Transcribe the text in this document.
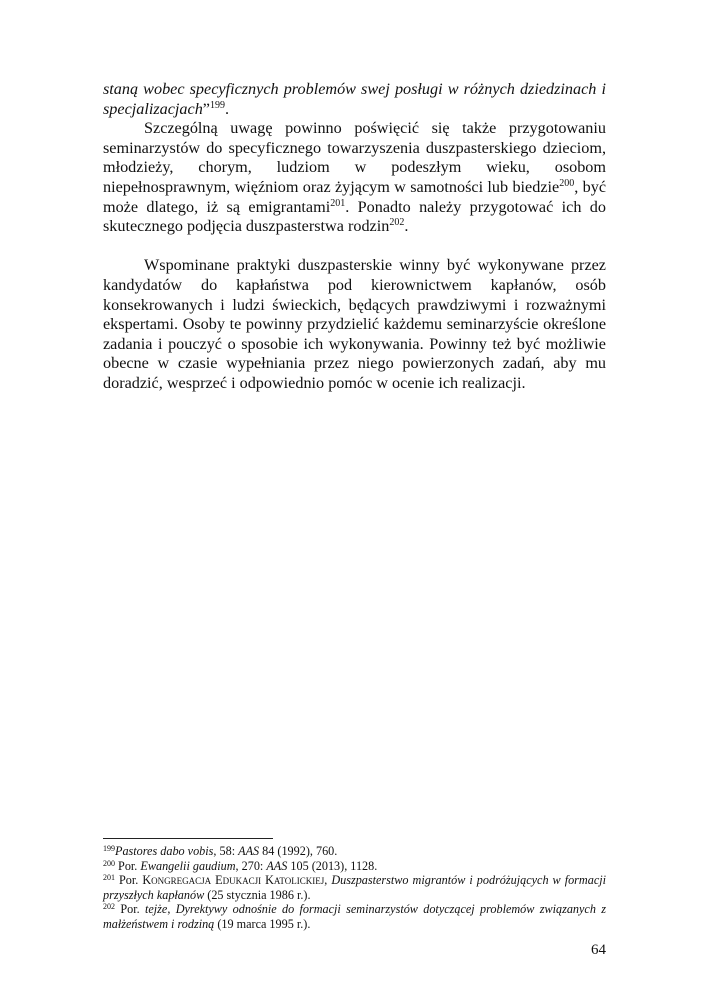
staną wobec specyficznych problemów swej posługi w różnych dziedzinach i specjalizacjach”$^{199}$.

Szczególną uwagę powinno poświęcić się także przygotowaniu seminarzystów do specyficznego towarzyszenia duszpasterskiego dzieciom, młodzieży, chorym, ludziom w podeszłym wieku, osobom niepełnosprawnym, więźniom oraz żyjącym w samotności lub biedzie$^{200}$, być może dlatego, iż są emigrantami$^{201}$. Ponadto należy przygotować ich do skutecznego podjęcia duszpasterstwa rodzin$^{202}$.

Wspominane praktyki duszpasterskie winny być wykonywane przez kandydatów do kapłaństwa pod kierownictwem kapłanów, osób konsekrowanych i ludzi świeckich, będących prawdziwymi i rozważnymi ekspertami. Osoby te powinny przydzielić każdemu seminarzyście określone zadania i pouczyć o sposobie ich wykonywania. Powinny też być możliwie obecne w czasie wypełniania przez niego powierzonych zadań, aby mu doradzić, wesprzeć i odpowiednio pomóc w ocenie ich realizacji.

$^{199}$Pastores dabo vobis, 58: AAS 84 (1992), 760.

$^{200}$ Por. Ewangelii gaudium, 270: AAS 105 (2013), 1128.

$^{201}$ Por. Kongregacja Edukacji Katolickiej, Duszpasterstwo migrantów i podróżujących w formacji przyszłych kapłanów (25 stycznia 1986 r.).

$^{202}$ Por. tejże, Dyrektywy odnośnie do formacji seminarzystów dotyczącej problemów związanych z małżeństwem i rodziną (19 marca 1995 r.).

64
